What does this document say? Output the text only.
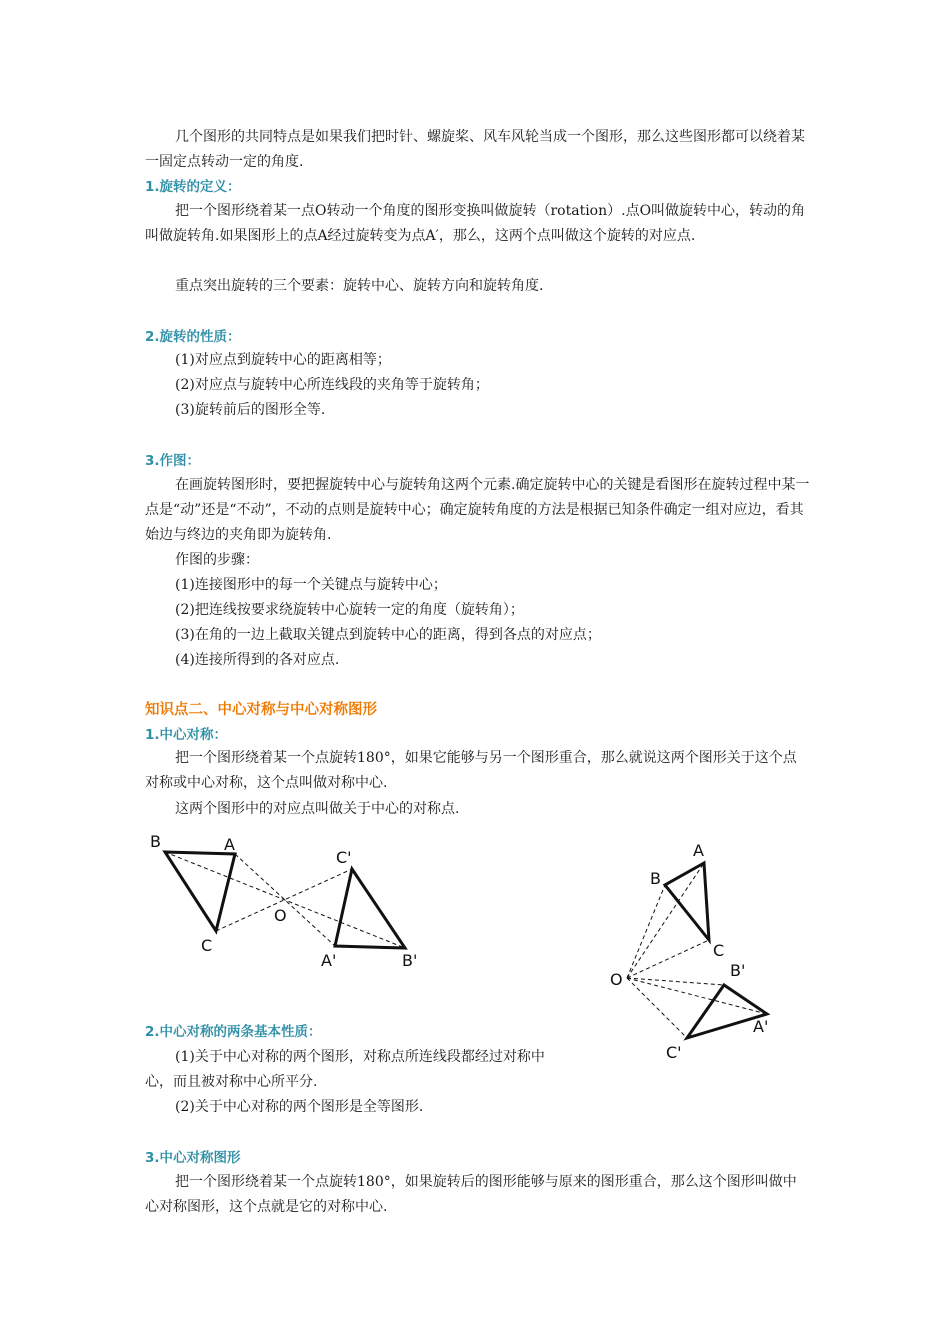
几个图形的共同特点是如果我们把时针、螺旋桨、风车风轮当成一个图形，那么这些图形都可以绕着某一固定点转动一定的角度.

1.旋转的定义：

把一个图形绕着某一点O转动一个角度的图形变换叫做旋转（rotation）.点O叫做旋转中心，转动的角叫做旋转角.如果图形上的点A经过旋转变为点A′，那么，这两个点叫做这个旋转的对应点.

重点突出旋转的三个要素：旋转中心、旋转方向和旋转角度.

2.旋转的性质：

(1)对应点到旋转中心的距离相等；

(2)对应点与旋转中心所连线段的夹角等于旋转角；

(3)旋转前后的图形全等.

3.作图：

在画旋转图形时，要把握旋转中心与旋转角这两个元素.确定旋转中心的关键是看图形在旋转过程中某一点是“动”还是“不动”，不动的点则是旋转中心；确定旋转角度的方法是根据已知条件确定一组对应边，看其始边与终边的夹角即为旋转角.

作图的步骤：

(1)连接图形中的每一个关键点与旋转中心；

(2)把连线按要求绕旋转中心旋转一定的角度（旋转角）；

(3)在角的一边上截取关键点到旋转中心的距离，得到各点的对应点；

(4)连接所得到的各对应点.

知识点二、中心对称与中心对称图形

1.中心对称：

把一个图形绕着某一个点旋转180°，如果它能够与另一个图形重合，那么就说这两个图形关于这个点对称或中心对称，这个点叫做对称中心.

这两个图形中的对应点叫做关于中心的对称点.

B	A
C
O
C'
A'	B'
A
B
C
O	B'
A'
C'

2.中心对称的两条基本性质：

(1)关于中心对称的两个图形，对称点所连线段都经过对称中

心，而且被对称中心所平分.

(2)关于中心对称的两个图形是全等图形.

3.中心对称图形

把一个图形绕着某一个点旋转180°，如果旋转后的图形能够与原来的图形重合，那么这个图形叫做中心对称图形，这个点就是它的对称中心.
